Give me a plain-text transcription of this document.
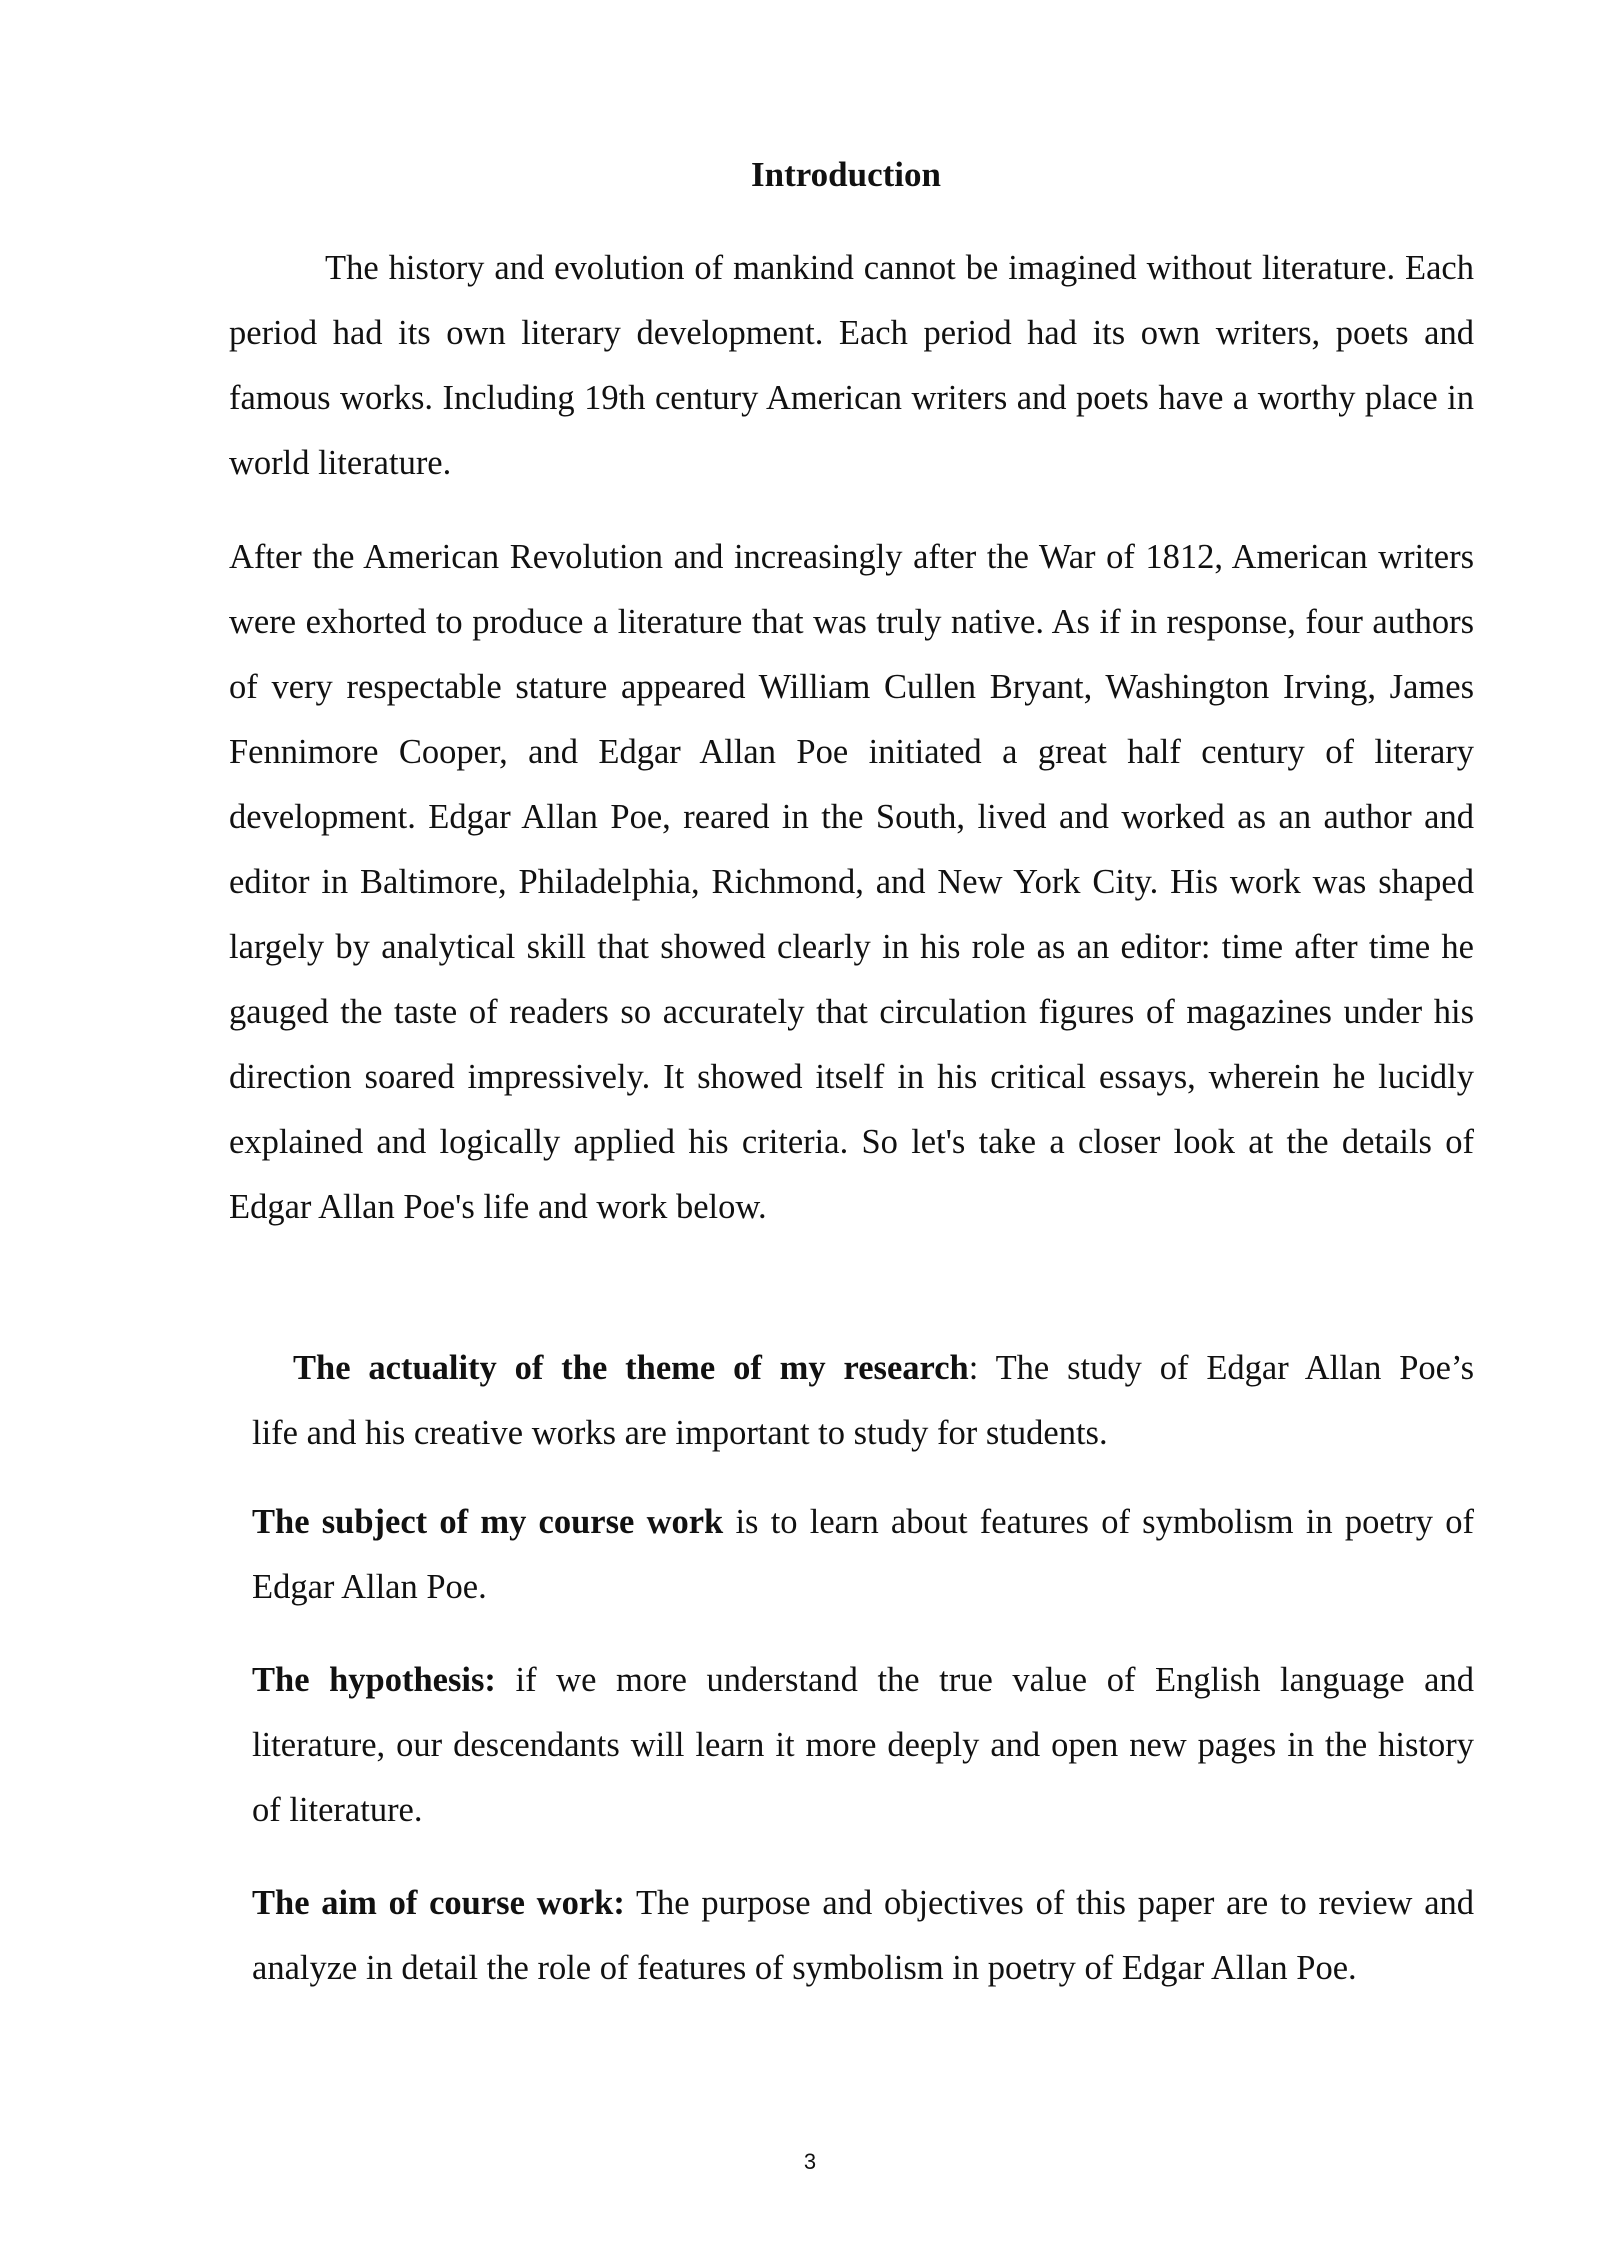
Introduction

The history and evolution of mankind cannot be imagined without literature. Each period had its own literary development. Each period had its own writers, poets and famous works. Including 19th century American writers and poets have a worthy place in world literature.

After the American Revolution and increasingly after the War of 1812, American writers were exhorted to produce a literature that was truly native. As if in response, four authors of very respectable stature appeared William Cullen Bryant, Washington Irving, James Fennimore Cooper, and Edgar Allan Poe initiated a great half century of literary development. Edgar Allan Poe, reared in the South, lived and worked as an author and editor in Baltimore, Philadelphia, Richmond, and New York City. His work was shaped largely by analytical skill that showed clearly in his role as an editor: time after time he gauged the taste of readers so accurately that circulation figures of magazines under his direction soared impressively. It showed itself in his critical essays, wherein he lucidly explained and logically applied his criteria. So let's take a closer look at the details of Edgar Allan Poe's life and work below.

The actuality of the theme of my research: The study of Edgar Allan Poe’s
life and his creative works are important to study for students.

The subject of my course work is to learn about features of symbolism in poetry of Edgar Allan Poe.

The hypothesis: if we more understand the true value of English language and literature, our descendants will learn it more deeply and open new pages in the history of literature.

The aim of course work: The purpose and objectives of this paper are to review and analyze in detail the role of features of symbolism in poetry of Edgar Allan Poe.

3
